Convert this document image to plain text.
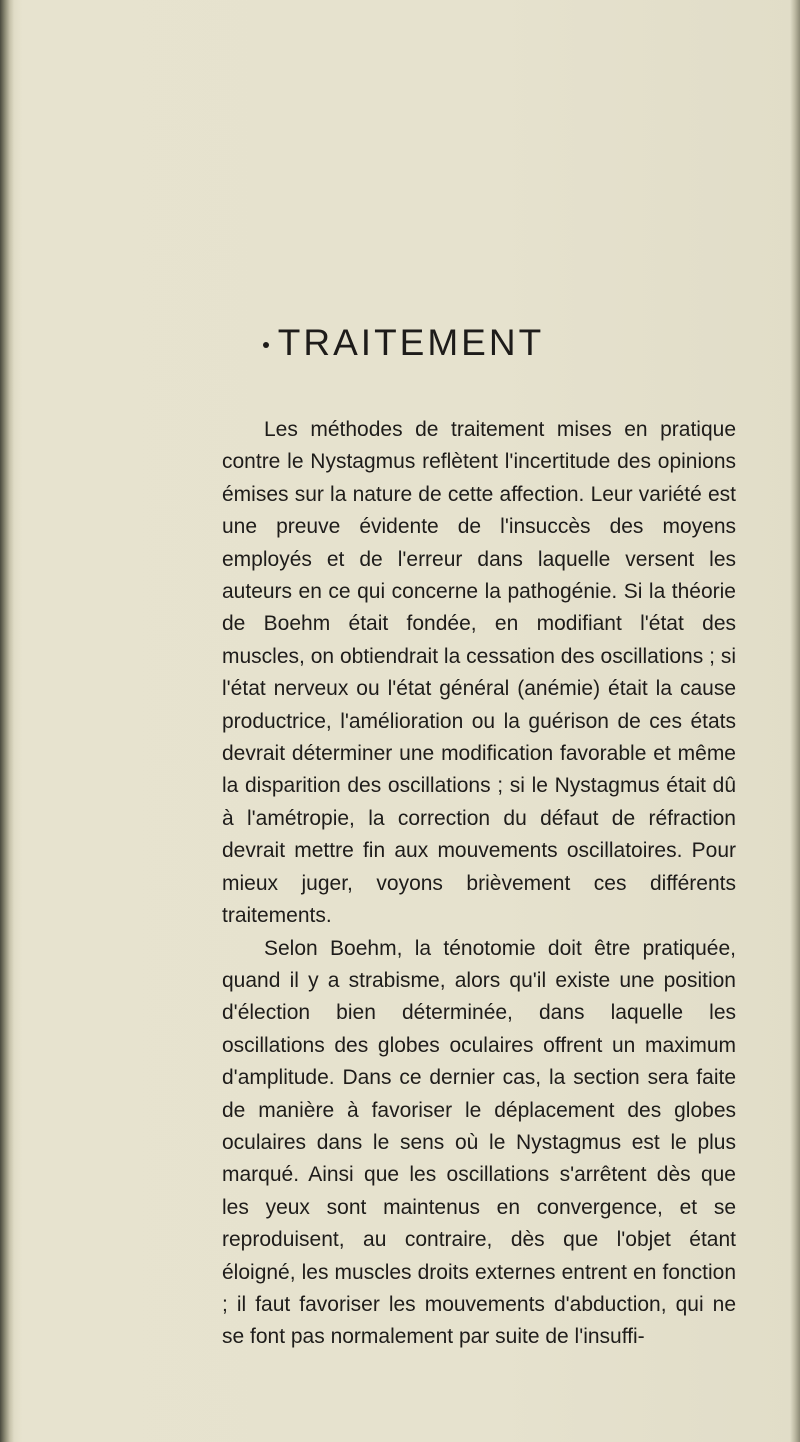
TRAITEMENT

Les méthodes de traitement mises en pratique contre le Nystagmus reflètent l'incertitude des opinions émises sur la nature de cette affection. Leur variété est une preuve évidente de l'insuccès des moyens employés et de l'erreur dans laquelle versent les auteurs en ce qui concerne la pathogénie. Si la théorie de Boehm était fondée, en modifiant l'état des muscles, on obtiendrait la cessation des oscillations ; si l'état nerveux ou l'état général (anémie) était la cause productrice, l'amélioration ou la guérison de ces états devrait déterminer une modification favorable et même la disparition des oscillations ; si le Nystagmus était dû à l'amétropie, la correction du défaut de réfraction devrait mettre fin aux mouvements oscillatoires. Pour mieux juger, voyons brièvement ces différents traitements.

Selon Boehm, la ténotomie doit être pratiquée, quand il y a strabisme, alors qu'il existe une position d'élection bien déterminée, dans laquelle les oscillations des globes oculaires offrent un maximum d'amplitude. Dans ce dernier cas, la section sera faite de manière à favoriser le déplacement des globes oculaires dans le sens où le Nystagmus est le plus marqué. Ainsi que les oscillations s'arrêtent dès que les yeux sont maintenus en convergence, et se reproduisent, au contraire, dès que l'objet étant éloigné, les muscles droits externes entrent en fonction ; il faut favoriser les mouvements d'abduction, qui ne se font pas normalement par suite de l'insuffi-
